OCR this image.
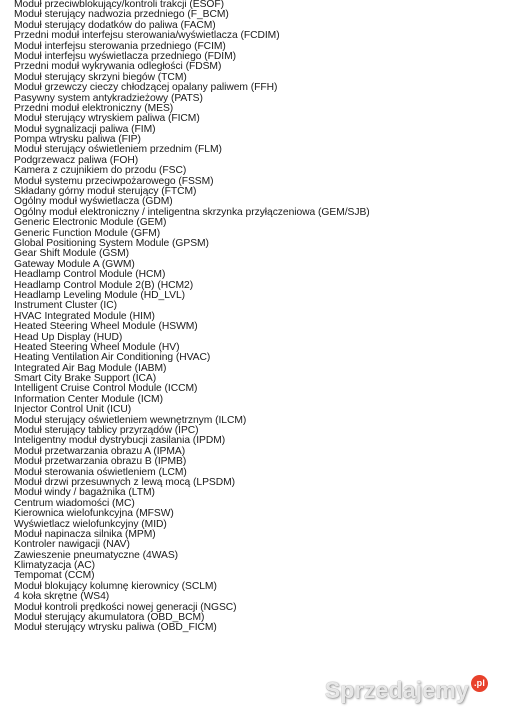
Moduł przeciwblokujący/kontroli trakcji (ESOF)
Moduł sterujący nadwozia przedniego (F_BCM)
Moduł sterujący dodatków do paliwa (FACM)
Przedni moduł interfejsu sterowania/wyświetlacza (FCDIM)
Moduł interfejsu sterowania przedniego (FCIM)
Moduł interfejsu wyświetlacza przedniego (FDIM)
Przedni moduł wykrywania odległości (FDSM)
Moduł sterujący skrzyni biegów (TCM)
Moduł grzewczy cieczy chłodzącej opalany paliwem (FFH)
Pasywny system antykradzieżowy (PATS)
Przedni moduł elektroniczny (MES)
Moduł sterujący wtryskiem paliwa (FICM)
Moduł sygnalizacji paliwa (FIM)
Pompa wtrysku paliwa (FIP)
Moduł sterujący oświetleniem przednim (FLM)
Podgrzewacz paliwa (FOH)
Kamera z czujnikiem do przodu (FSC)
Moduł systemu przeciwpożarowego (FSSM)
Składany górny moduł sterujący (FTCM)
Ogólny moduł wyświetlacza (GDM)
Ogólny moduł elektroniczny / inteligentna skrzynka przyłączeniowa (GEM/SJB)
Generic Electronic Module (GEM)
Generic Function Module (GFM)
Global Positioning System Module (GPSM)
Gear Shift Module (GSM)
Gateway Module A (GWM)
Headlamp Control Module (HCM)
Headlamp Control Module 2(B) (HCM2)
Headlamp Leveling Module (HD_LVL)
Instrument Cluster (IC)
HVAC Integrated Module (HIM)
Heated Steering Wheel Module (HSWM)
Head Up Display (HUD)
Heated Steering Wheel Module (HV)
Heating Ventilation Air Conditioning (HVAC)
Integrated Air Bag Module (IABM)
Smart City Brake Support (ICA)
Intelligent Cruise Control Module (ICCM)
Information Center Module (ICM)
Injector Control Unit (ICU)
Moduł sterujący oświetleniem wewnętrznym (ILCM)
Moduł sterujący tablicy przyrządów (IPC)
Inteligentny moduł dystrybucji zasilania (IPDM)
Moduł przetwarzania obrazu A (IPMA)
Moduł przetwarzania obrazu B (IPMB)
Moduł sterowania oświetleniem (LCM)
Moduł drzwi przesuwnych z lewą mocą (LPSDM)
Moduł windy / bagażnika (LTM)
Centrum wiadomości (MC)
Kierownica wielofunkcyjna (MFSW)
Wyświetlacz wielofunkcyjny (MID)
Moduł napinacza silnika (MPM)
Kontroler nawigacji (NAV)
Zawieszenie pneumatyczne (4WAS)
Klimatyzacja (AC)
Tempomat (CCM)
Moduł blokujący kolumnę kierownicy (SCLM)
4 koła skrętne (WS4)
Moduł kontroli prędkości nowej generacji (NGSC)
Moduł sterujący akumulatora (OBD_BCM)
Moduł sterujący wtrysku paliwa (OBD_FICM)
Sprzedajemy .pl
